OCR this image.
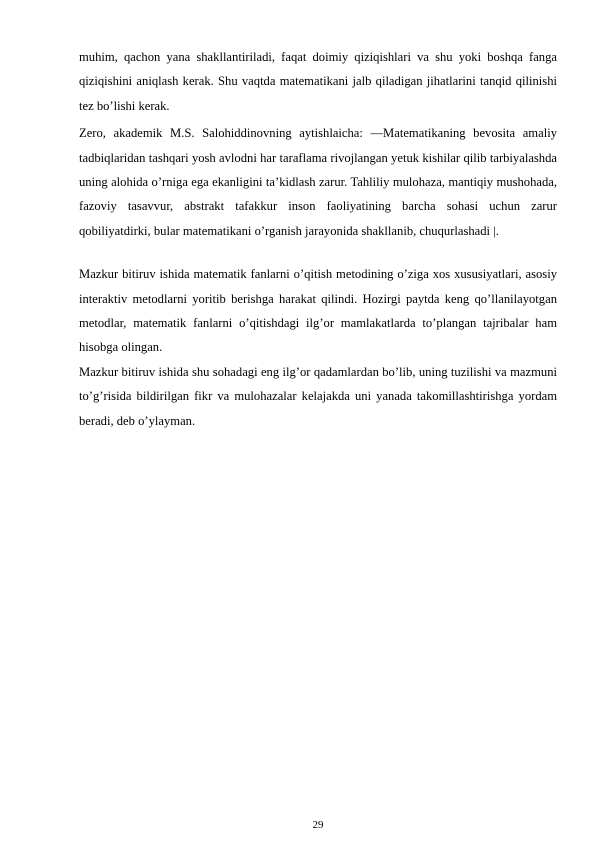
muhim, qachon yana shakllantiriladi, faqat doimiy qiziqishlari va shu yoki boshqa fanga qiziqishini aniqlash kerak. Shu vaqtda matematikani jalb qiladigan jihatlarini tanqid qilinishi tez bo’lishi kerak.

Zero, akademik M.S. Salohiddinovning aytishlaicha: ―Matematikaning bevosita amaliy tadbiqlaridan tashqari yosh avlodni har taraflama rivojlangan yetuk kishilar qilib tarbiyalashda uning alohida o’rniga ega ekanligini ta’kidlash zarur. Tahliliy mulohaza, mantiqiy mushohada, fazoviy tasavvur, abstrakt tafakkur inson faoliyatining barcha sohasi uchun zarur qobiliyatdirki, bular matematikani o’rganish jarayonida shakllanib, chuqurlashadi |.

Mazkur bitiruv ishida matematik fanlarni o’qitish metodining o’ziga xos xususiyatlari, asosiy interaktiv metodlarni yoritib berishga harakat qilindi. Hozirgi paytda keng qo’llanilayotgan metodlar, matematik fanlarni o’qitishdagi ilg’or mamlakatlarda to’plangan tajribalar ham hisobga olingan.

Mazkur bitiruv ishida shu sohadagi eng ilg’or qadamlardan bo’lib, uning tuzilishi va mazmuni to’g’risida bildirilgan fikr va mulohazalar kelajakda uni yanada takomillashtirishga yordam beradi, deb o’ylayman.

29
